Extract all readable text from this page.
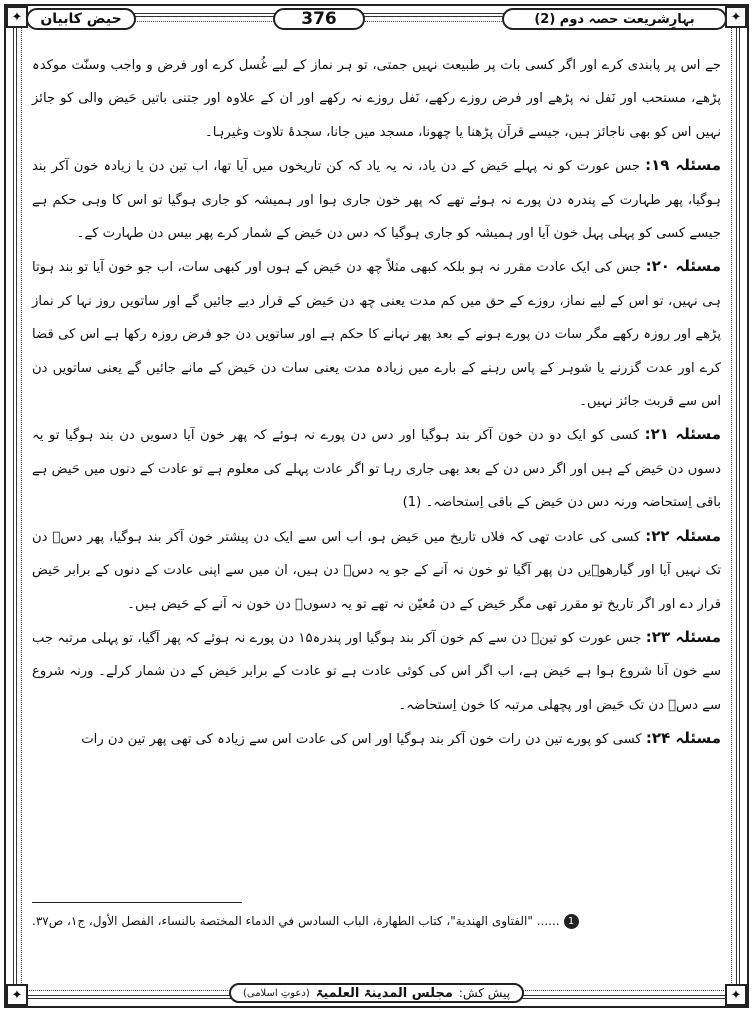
✦	✦
✦	✦
حیض کابیان	376	بہارِشریعت حصہ دوم (2)

جے اس پر پابندی کرے اور اگر کسی بات پر طبیعت نہیں جمتی، تو ہر نماز کے لیے غُسل کرے اور فرض و واجب وسنّت موکدہ پڑھے، مستحب اور نَفل نہ پڑھے اور فرض روزے رکھے، نَفل روزے نہ رکھے اور ان کے علاوہ اور جتنی باتیں حَیض والی کو جائز نہیں اس کو بھی ناجائز ہیں، جیسے قرآن پڑھنا یا چھونا، مسجد میں جانا، سجدۂ تلاوت وغیرہا۔

مسئلہ ۱۹: جس عورت کو نہ پہلے حَیض کے دن یاد، نہ یہ یاد کہ کن تاریخوں میں آیا تھا، اب تین دن یا زیادہ خون آکر بند ہوگیا، پھر طہارت کے پندرہ دن پورے نہ ہوئے تھے کہ پھر خون جاری ہوا اور ہمیشہ کو جاری ہوگیا تو اس کا وہی حکم ہے جیسے کسی کو پہلی پہل خون آیا اور ہمیشہ کو جاری ہوگیا کہ دس دن حَیض کے شمار کرے پھر بیس دن طہارت کے۔

مسئلہ ۲۰: جس کی ایک عادت مقرر نہ ہو بلکہ کبھی مثلاً چھ دن حَیض کے ہوں اور کبھی سات، اب جو خون آیا تو بند ہوتا ہی نہیں، تو اس کے لیے نماز، روزے کے حق میں کم مدت یعنی چھ دن حَیض کے قرار دیے جائیں گے اور ساتویں روز نہا کر نماز پڑھے اور روزہ رکھے مگر سات دن پورے ہونے کے بعد پھر نہانے کا حکم ہے اور ساتویں دن جو فرض روزہ رکھا ہے اس کی قضا کرے اور عدت گزرنے یا شوہر کے پاس رہنے کے بارے میں زیادہ مدت یعنی سات دن حَیض کے مانے جائیں گے یعنی ساتویں دن اس سے قربت جائز نہیں۔

مسئلہ ۲۱: کسی کو ایک دو دن خون آکر بند ہوگیا اور دس دن پورے نہ ہوئے کہ پھر خون آیا دسویں دن بند ہوگیا تو یہ دسوں دن حَیض کے ہیں اور اگر دس دن کے بعد بھی جاری رہا تو اگر عادت پہلے کی معلوم ہے تو عادت کے دنوں میں حَیض ہے باقی اِستحاضہ ورنہ دس دن حَیض کے باقی اِستحاضہ۔ (1)

مسئلہ ۲۲: کسی کی عادت تھی کہ فلاں تاریخ میں حَیض ہو، اب اس سے ایک دن پیشتر خون آکر بند ہوگیا، پھر دسؔ دن تک نہیں آیا اور گیارھوؔیں دن پھر آگیا تو خون نہ آنے کے جو یہ دسؔ دن ہیں، ان میں سے اپنی عادت کے دنوں کے برابر حَیض قرار دے اور اگر تاریخ تو مقرر تھی مگر حَیض کے دن مُعیّن نہ تھے تو یہ دسوںؔ دن خون نہ آنے کے حَیض ہیں۔

مسئلہ ۲۳: جس عورت کو تینؔ دن سے کم خون آکر بند ہوگیا اور پندرہ۱۵ دن پورے نہ ہوئے کہ پھر آگیا، تو پہلی مرتبہ جب سے خون آنا شروع ہوا ہے حَیض ہے، اب اگر اس کی کوئی عادت ہے تو عادت کے برابر حَیض کے دن شمار کرلے۔ ورنہ شروع سے دسؔ دن تک حَیض اور پچھلی مرتبہ کا خون اِستحاضہ۔

مسئلہ ۲۴: کسی کو پورے تین دن رات خون آکر بند ہوگیا اور اس کی عادت اس سے زیادہ کی تھی پھر تین دن رات

1...... "الفتاوى الهندية"، كتاب الطهارة، الباب السادس في الدماء المختصة بالنساء، الفصل الأول، ج١، ص٣٧.
پیش کش:
مجلس المدینۃ العلمیۃ
(دعوتِ اسلامی)
